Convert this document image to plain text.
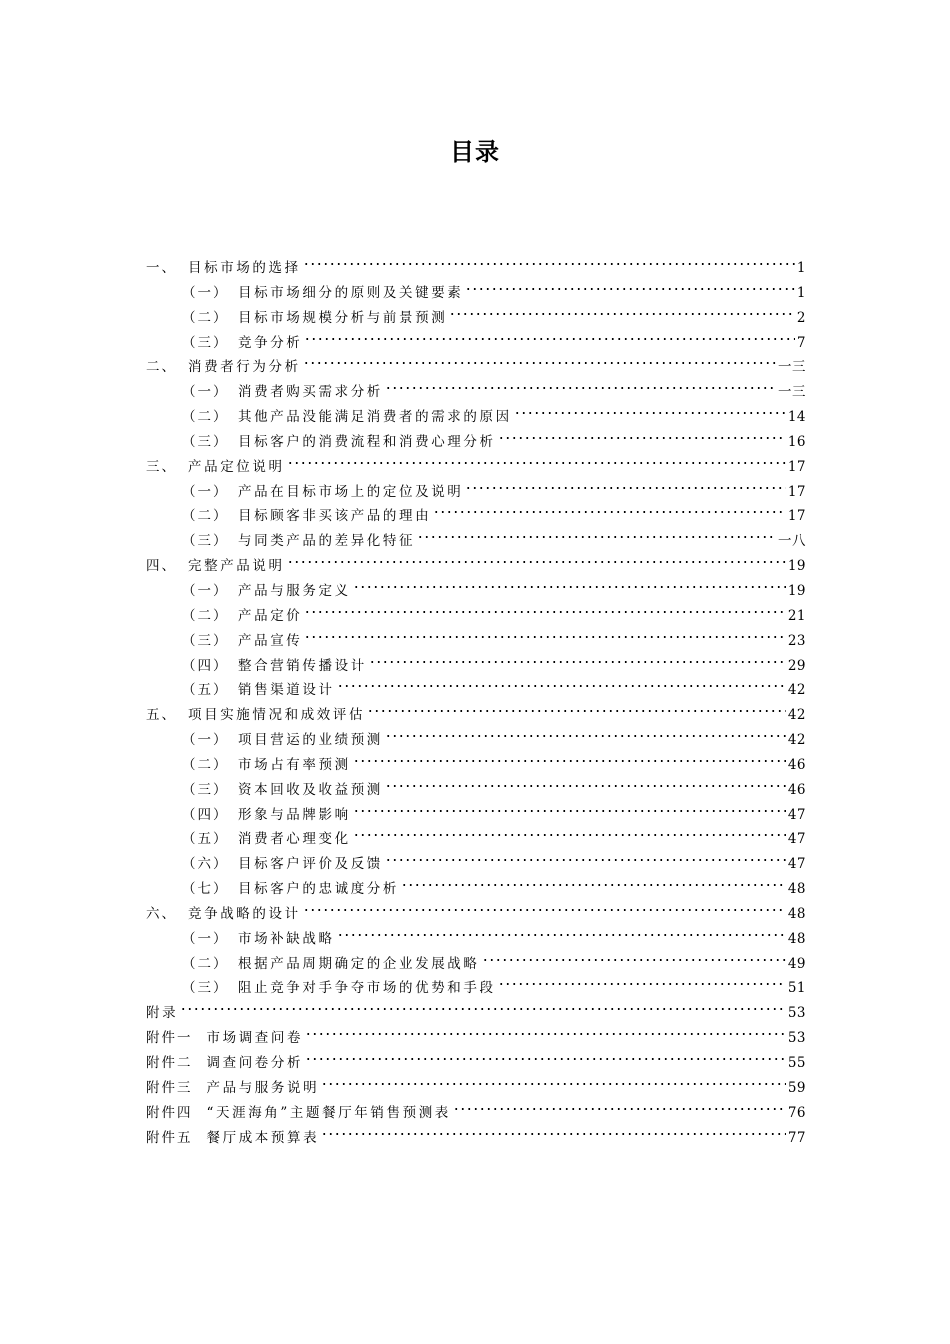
目录
一、 目标市场的选择	1
（一） 目标市场细分的原则及关键要素	1
（二） 目标市场规模分析与前景预测	2
（三） 竞争分析	7
二、 消费者行为分析	一三
（一） 消费者购买需求分析	一三
（二） 其他产品没能满足消费者的需求的原因	14
（三） 目标客户的消费流程和消费心理分析	16
三、 产品定位说明	17
（一） 产品在目标市场上的定位及说明	17
（二） 目标顾客非买该产品的理由	17
（三） 与同类产品的差异化特征	一八
四、 完整产品说明	19
（一） 产品与服务定义	19
（二） 产品定价	21
（三） 产品宣传	23
（四） 整合营销传播设计	29
（五） 销售渠道设计	42
五、 项目实施情况和成效评估	42
（一） 项目营运的业绩预测	42
（二） 市场占有率预测	46
（三） 资本回收及收益预测	46
（四） 形象与品牌影响	47
（五） 消费者心理变化	47
（六） 目标客户评价及反馈	47
（七） 目标客户的忠诚度分析	48
六、 竞争战略的设计	48
（一） 市场补缺战略	48
（二） 根据产品周期确定的企业发展战略	49
（三） 阻止竞争对手争夺市场的优势和手段	51
附录	53
附件一 市场调查问卷	53
附件二 调查问卷分析	55
附件三 产品与服务说明	59
附件四 “天涯海角”主题餐厅年销售预测表	76
附件五 餐厅成本预算表	77
